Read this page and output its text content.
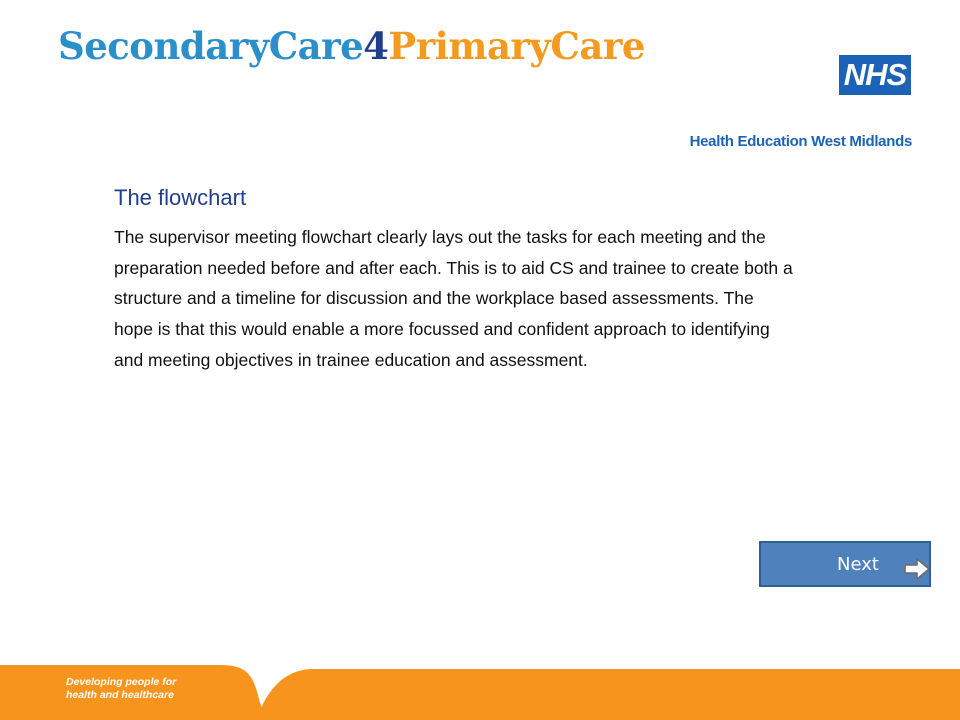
SecondaryCare4PrimaryCare
NHS
Health Education West Midlands
The flowchart

The supervisor meeting flowchart clearly lays out the tasks for each meeting and the preparation needed before and after each. This is to aid CS and trainee to create both a structure and a timeline for discussion and the workplace based assessments. The hope is that this would enable a more focussed and confident approach to identifying and meeting objectives in trainee education and assessment.

Next

Developing people for health and healthcare
